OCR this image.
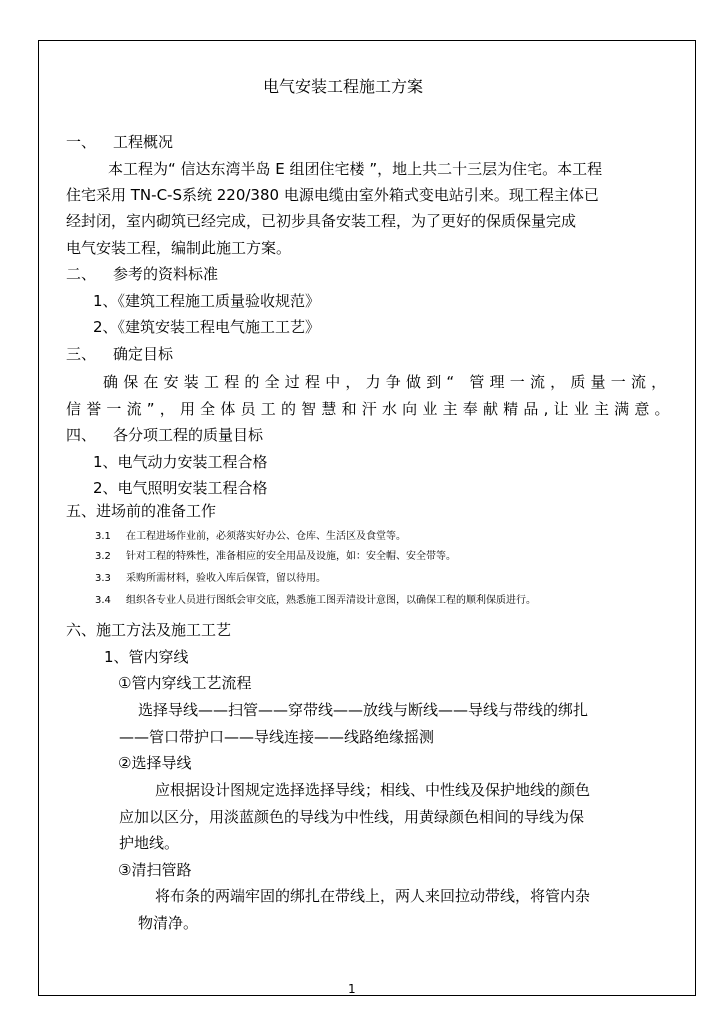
电气安装工程施工方案
一、 工程概况
本工程为“ 信达东湾半岛 E 组团住宅楼 ”，地上共二十三层为住宅。本工程
住宅采用 TN-C-S系统 220/380 电源电缆由室外箱式变电站引来。现工程主体已
经封闭，室内砌筑已经完成，已初步具备安装工程，为了更好的保质保量完成
电气安装工程，编制此施工方案。
二、 参考的资料标准
1、《建筑工程施工质量验收规范》
2、《建筑安装工程电气施工工艺》
三、 确定目标
确保在安装工程的全过程中，力争做到“ 管理一流，质量一流，
信誉一流”，用全体员工的智慧和汗水向业主奉献精品,让业主满意。
四、 各分项工程的质量目标
1、电气动力安装工程合格
2、电气照明安装工程合格
五、进场前的准备工作
3.1 在工程进场作业前，必须落实好办公、仓库、生活区及食堂等。
3.2 针对工程的特殊性，准备相应的安全用品及设施，如：安全帽、安全带等。
3.3 采购所需材料，验收入库后保管，留以待用。
3.4 组织各专业人员进行图纸会审交底，熟悉施工图弄清设计意图，以确保工程的顺利保质进行。
六、施工方法及施工工艺
1、管内穿线
①管内穿线工艺流程
选择导线——扫管——穿带线——放线与断线——导线与带线的绑扎
——管口带护口——导线连接——线路绝缘摇测
②选择导线
应根据设计图规定选择选择导线；相线、中性线及保护地线的颜色
应加以区分，用淡蓝颜色的导线为中性线，用黄绿颜色相间的导线为保
护地线。
③清扫管路
将布条的两端牢固的绑扎在带线上，两人来回拉动带线，将管内杂
物清净。
1
